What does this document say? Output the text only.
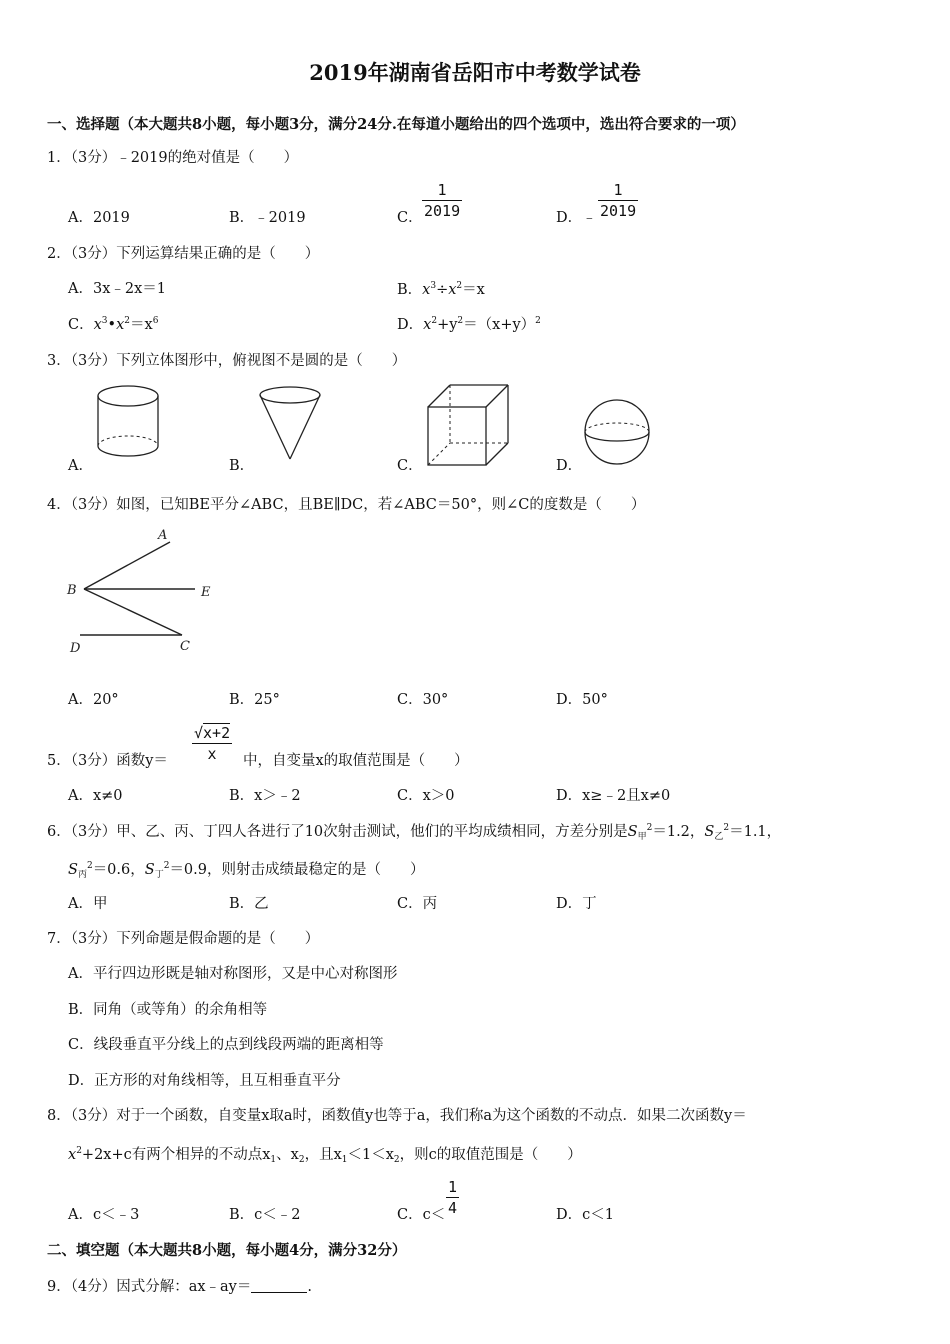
2019年湖南省岳阳市中考数学试卷
一、选择题（本大题共8小题，每小题3分，满分24分.在每道小题给出的四个选项中，选出符合要求的一项）
1．（3分）﹣2019的绝对值是（　　）
A．2019	B．﹣2019	C．
1
2019	D．﹣
1
2019
2．（3分）下列运算结果正确的是（　　）
A．3x﹣2x＝1	B．$x^3\div x^2=x$
C．$x^3•x^2=x^6$	D．$x^2+y^2=(x+y)^2$
3．（3分）下列立体图形中，俯视图不是圆的是（　　）
A．	B．	C．	D．
4．（3分）如图，已知BE平分∠ABC，且BE∥DC，若∠ABC＝50°，则∠C的度数是（　　）
A
B	E
D	C
A．20°	B．25°	C．30°	D．50°
5．（3分）函数y＝
√x+2
x	中，自变量x的取值范围是（　　）
A．x≠0	B．x＞﹣2	C．x＞0	D．x≥﹣2且x≠0
6．（3分）甲、乙、丙、丁四人各进行了10次射击测试，他们的平均成绩相同，方差分别是$S_甲^2=1.2$，$S_乙^2=1.1$，
$S_丙^2=0.6$，$S_丁^2=0.9$，则射击成绩最稳定的是（　　）
A．甲	B．乙	C．丙	D．丁
7．（3分）下列命题是假命题的是（　　）
A．平行四边形既是轴对称图形，又是中心对称图形
B．同角（或等角）的余角相等
C．线段垂直平分线上的点到线段两端的距离相等
D．正方形的对角线相等，且互相垂直平分
8．（3分）对于一个函数，自变量x取a时，函数值y也等于a，我们称a为这个函数的不动点．如果二次函数y＝
$x^2+2x+c$有两个相异的不动点$x_1$、$x_2$，且$x_1<1<x_2$，则c的取值范围是（　　）
A．c＜﹣3	B．c＜﹣2	C．c＜
1
4	D．c＜1
二、填空题（本大题共8小题，每小题4分，满分32分）
9．（4分）因式分解：ax﹣ay＝	.
